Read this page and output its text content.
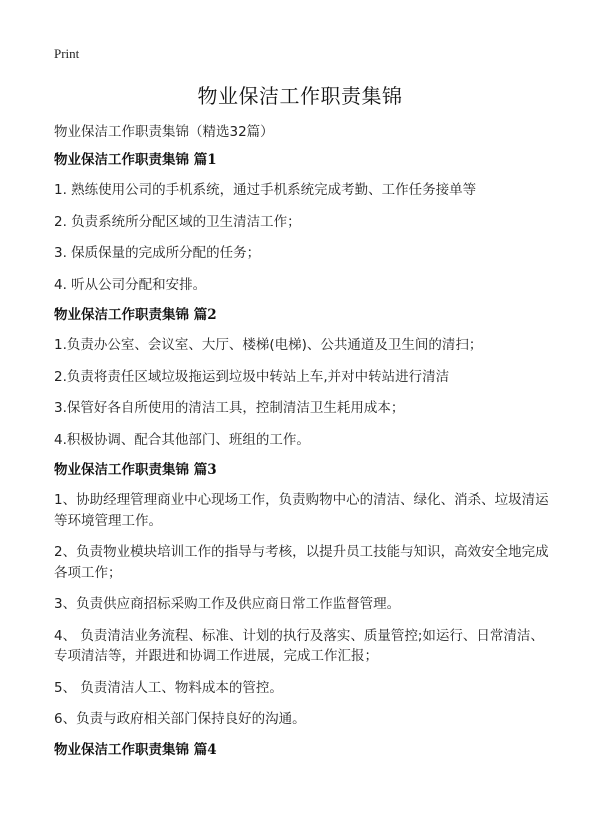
Print
物业保洁工作职责集锦
物业保洁工作职责集锦（精选32篇）
物业保洁工作职责集锦 篇1

1. 熟练使用公司的手机系统，通过手机系统完成考勤、工作任务接单等

2. 负责系统所分配区域的卫生清洁工作；

3. 保质保量的完成所分配的任务；

4. 听从公司分配和安排。

物业保洁工作职责集锦 篇2

1.负责办公室、会议室、大厅、楼梯(电梯)、公共通道及卫生间的清扫；

2.负责将责任区域垃圾拖运到垃圾中转站上车,并对中转站进行清洁

3.保管好各自所使用的清洁工具，控制清洁卫生耗用成本；

4.积极协调、配合其他部门、班组的工作。

物业保洁工作职责集锦 篇3

1、协助经理管理商业中心现场工作，负责购物中心的清洁、绿化、消杀、垃圾清运等环境管理工作。

2、负责物业模块培训工作的指导与考核，以提升员工技能与知识，高效安全地完成各项工作；

3、负责供应商招标采购工作及供应商日常工作监督管理。

4、 负责清洁业务流程、标准、计划的执行及落实、质量管控;如运行、日常清洁、专项清洁等，并跟进和协调工作进展，完成工作汇报；

5、 负责清洁人工、物料成本的管控。

6、负责与政府相关部门保持良好的沟通。

物业保洁工作职责集锦 篇4
